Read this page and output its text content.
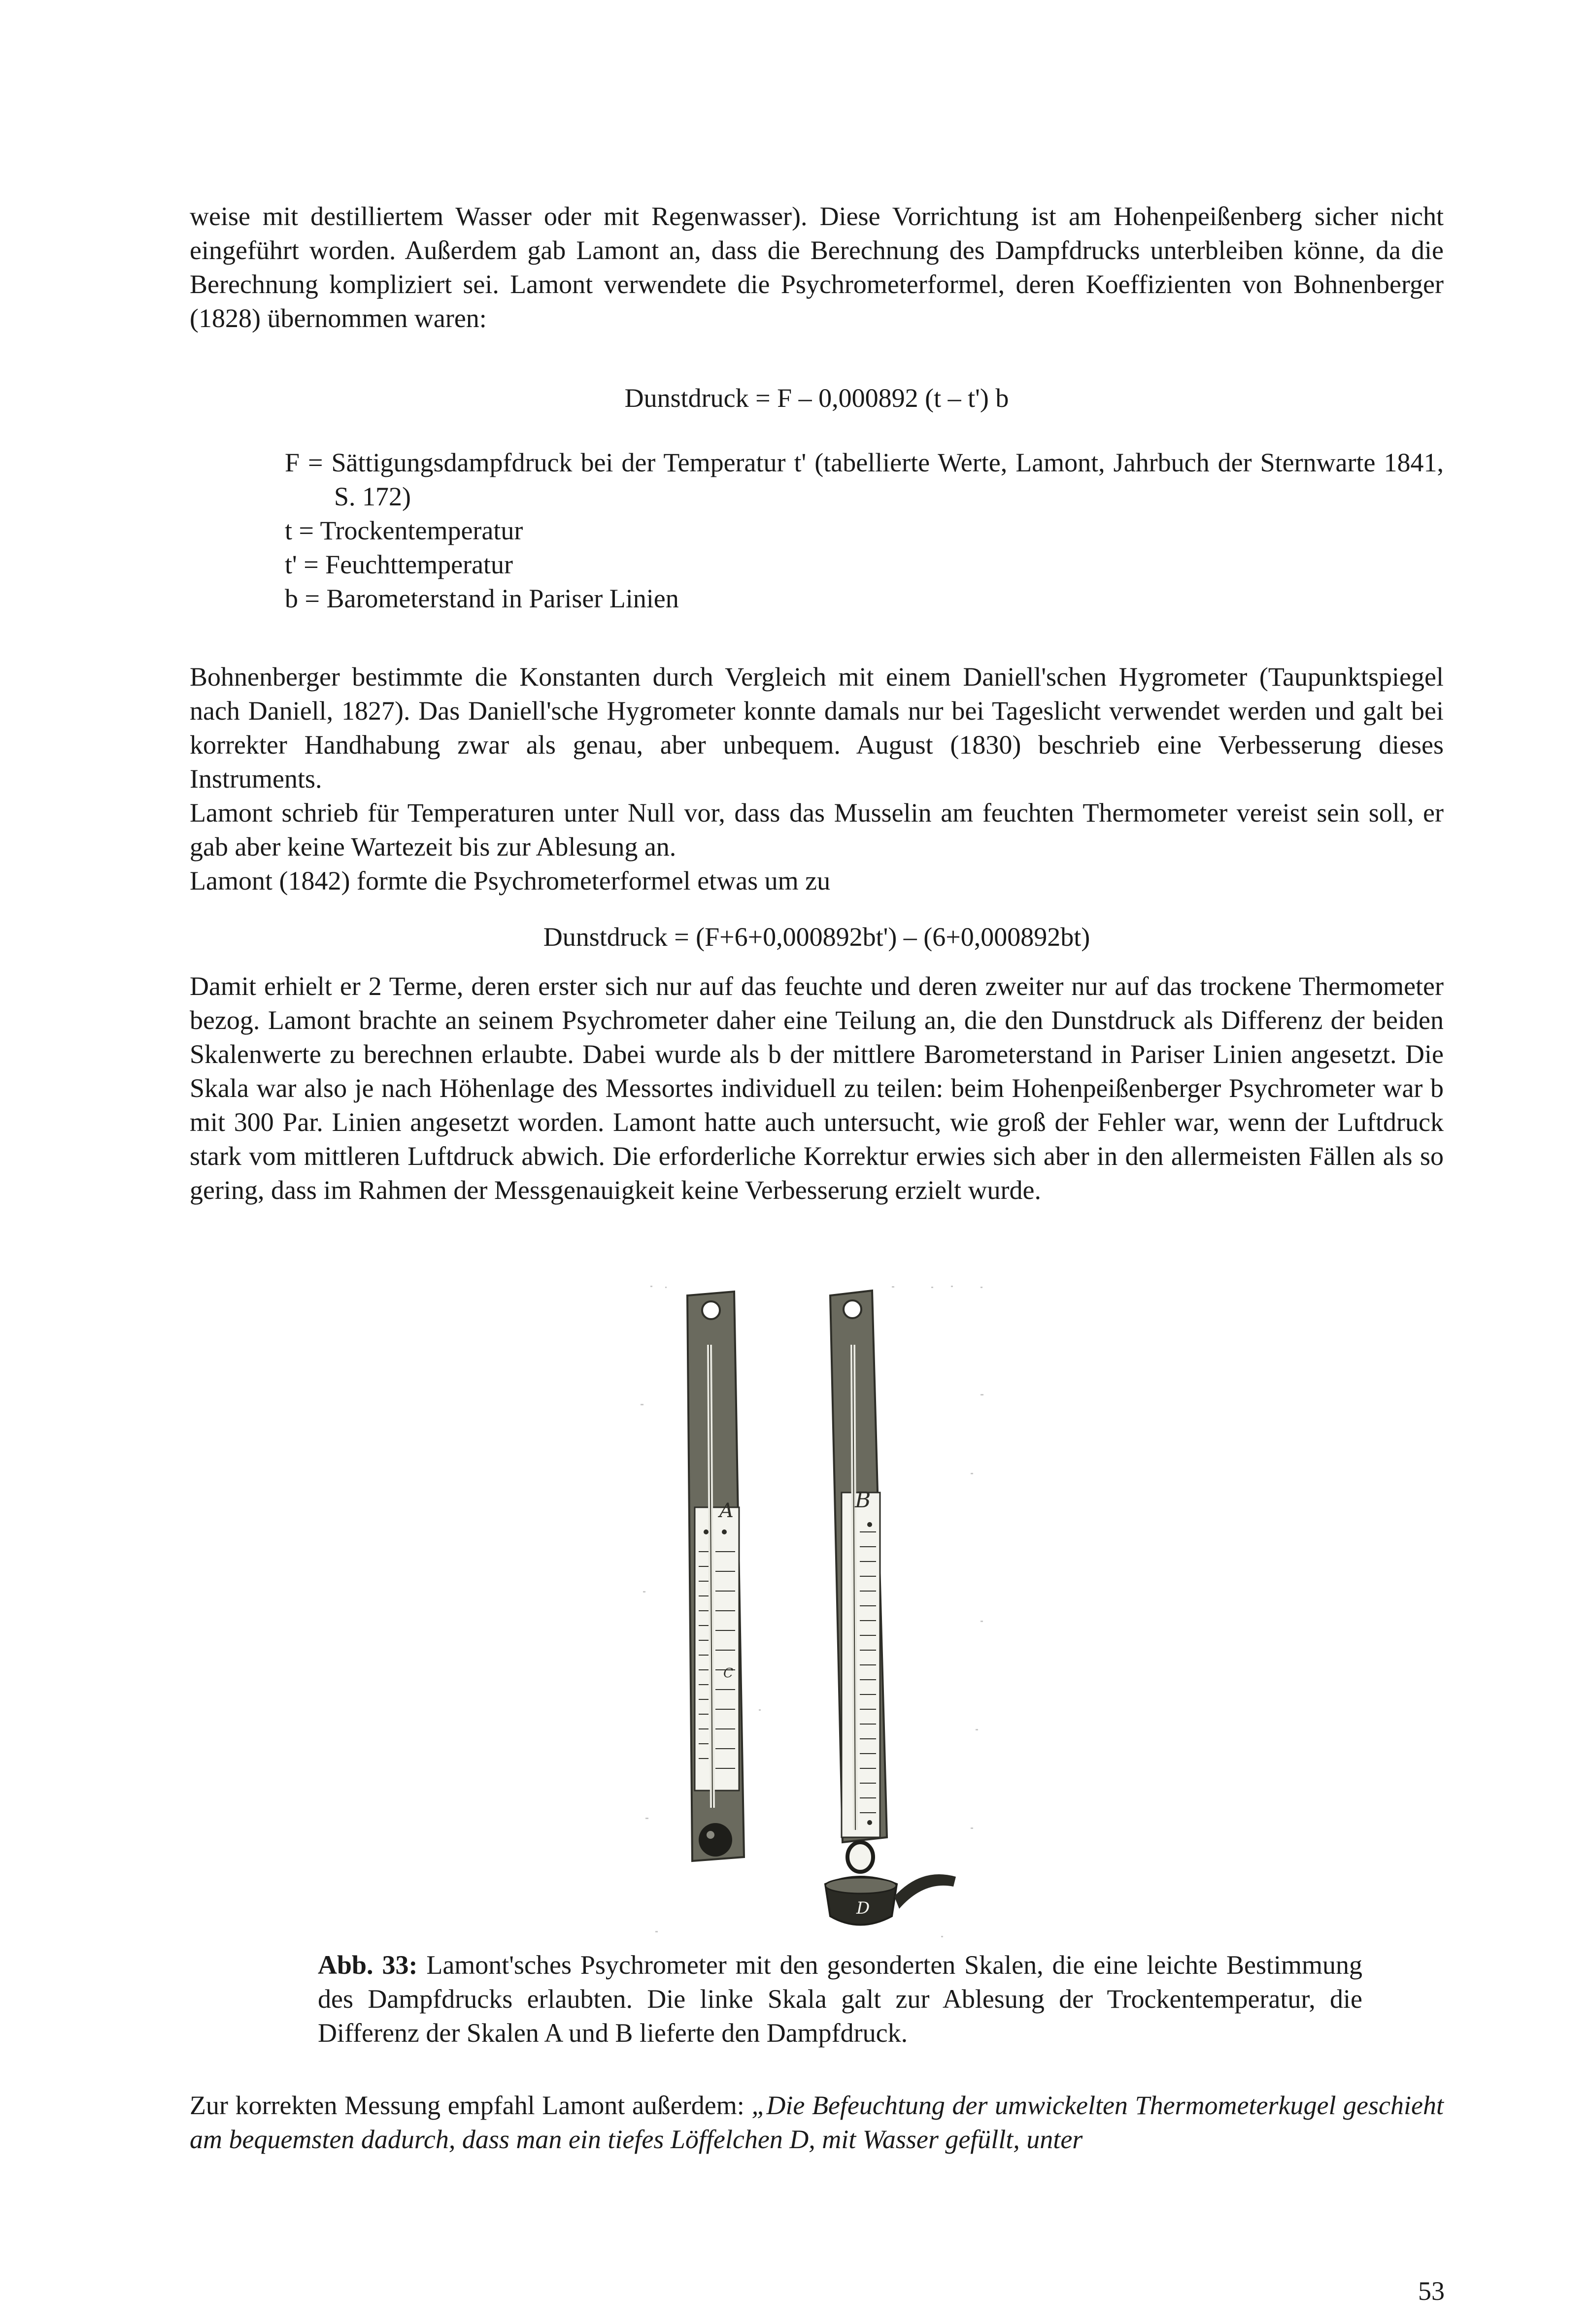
weise mit destilliertem Wasser oder mit Regenwasser). Diese Vorrichtung ist am Hohenpeißenberg sicher nicht eingeführt worden. Außerdem gab Lamont an, dass die Berechnung des Dampfdrucks unterbleiben könne, da die Berechnung kompliziert sei. Lamont verwendete die Psychrometerformel, deren Koeffizienten von Bohnenberger (1828) übernommen waren:

Dunstdruck = F – 0,000892 (t – t') b

F = Sättigungsdampfdruck bei der Temperatur t' (tabellierte Werte, Lamont, Jahrbuch der Sternwarte 1841, S. 172)

t = Trockentemperatur

t' = Feuchttemperatur

b = Barometerstand in Pariser Linien

Bohnenberger bestimmte die Konstanten durch Vergleich mit einem Daniell'schen Hygrometer (Taupunktspiegel nach Daniell, 1827). Das Daniell'sche Hygrometer konnte damals nur bei Tageslicht verwendet werden und galt bei korrekter Handhabung zwar als genau, aber unbequem. August (1830) beschrieb eine Verbesserung dieses Instruments.

Lamont schrieb für Temperaturen unter Null vor, dass das Musselin am feuchten Thermometer vereist sein soll, er gab aber keine Wartezeit bis zur Ablesung an.

Lamont (1842) formte die Psychrometerformel etwas um zu

Dunstdruck = (F+6+0,000892bt') – (6+0,000892bt)

Damit erhielt er 2 Terme, deren erster sich nur auf das feuchte und deren zweiter nur auf das trockene Thermometer bezog. Lamont brachte an seinem Psychrometer daher eine Teilung an, die den Dunstdruck als Differenz der beiden Skalenwerte zu berechnen erlaubte. Dabei wurde als b der mittlere Barometerstand in Pariser Linien angesetzt. Die Skala war also je nach Höhenlage des Messortes individuell zu teilen: beim Hohenpeißenberger Psychrometer war b mit 300 Par. Linien angesetzt worden. Lamont hatte auch untersucht, wie groß der Fehler war, wenn der Luftdruck stark vom mittleren Luftdruck abwich. Die erforderliche Korrektur erwies sich aber in den allermeisten Fällen als so gering, dass im Rahmen der Messgenauigkeit keine Verbesserung erzielt wurde.

A
C
B
D
Abb. 33: Lamont'sches Psychrometer mit den gesonderten Skalen, die eine leichte Bestimmung des Dampfdrucks erlaubten. Die linke Skala galt zur Ablesung der Trockentemperatur, die Differenz der Skalen A und B lieferte den Dampfdruck.

Zur korrekten Messung empfahl Lamont außerdem: „Die Befeuchtung der umwickelten Thermometerkugel geschieht am bequemsten dadurch, dass man ein tiefes Löffelchen D, mit Wasser gefüllt, unter

53
